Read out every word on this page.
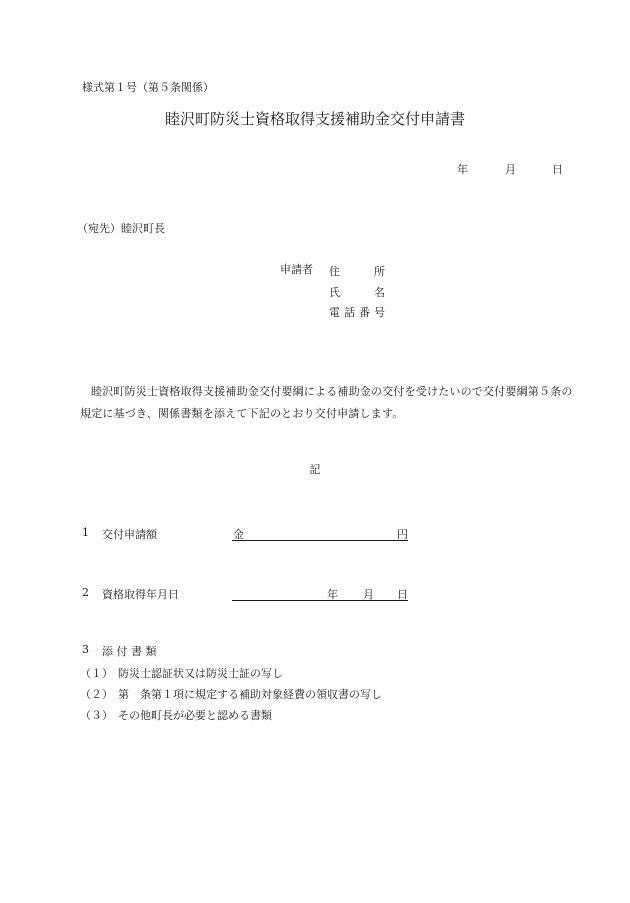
様式第１号（第５条関係）
睦沢町防災士資格取得支援補助金交付申請書
年	月	日
（宛先）睦沢町長
申請者 住	所
氏	名
電 話 番 号
睦沢町防災士資格取得支援補助金交付要綱による補助金の交付を受けたいので交付要綱第５条の規定に基づき、関係書類を添えて下記のとおり交付申請します。
記
1 交付申請額	金	円
2 資格取得年月日	年 月 日
3 添 付 書 類
（１） 防災士認証状又は防災士証の写し
（２） 第　条第１項に規定する補助対象経費の領収書の写し
（３） その他町長が必要と認める書類
